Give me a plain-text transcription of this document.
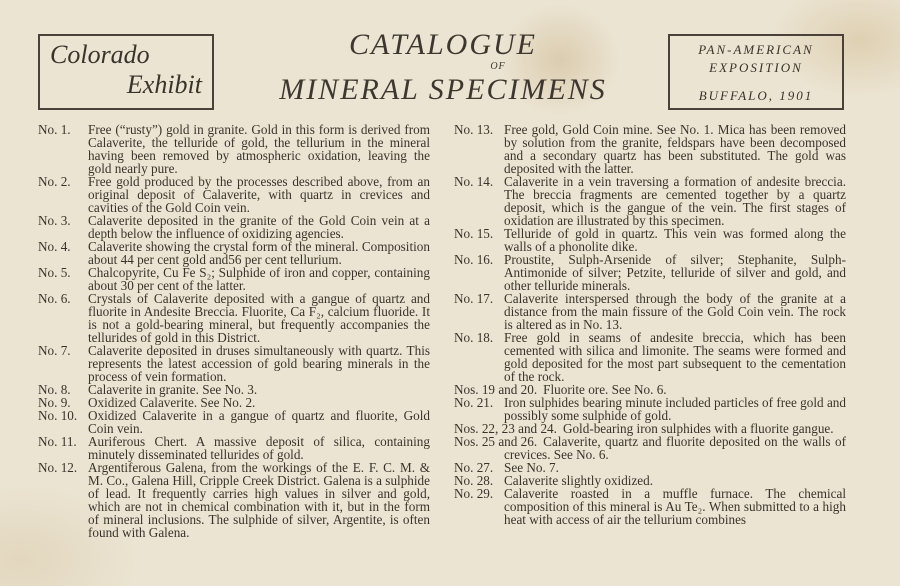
Colorado
Exhibit
CATALOGUE
OF
MINERAL SPECIMENS
PAN-AMERICAN
EXPOSITION
BUFFALO, 1901
No. 1. Free (“rusty”) gold in granite. Gold in this form is derived from Calaverite, the telluride of gold, the tellurium in the mineral having been removed by atmospheric oxidation, leaving the gold nearly pure.
No. 2. Free gold produced by the processes described above, from an original deposit of Calaverite, with quartz in crevices and cavities of the Gold Coin vein.
No. 3. Calaverite deposited in the granite of the Gold Coin vein at a depth below the influence of oxidizing agencies.
No. 4. Calaverite showing the crystal form of the mineral. Composition about 44 per cent gold and56 per cent tellurium.
No. 5. Chalcopyrite, Cu Fe S₂; Sulphide of iron and copper, containing about 30 per cent of the latter.
No. 6. Crystals of Calaverite deposited with a gangue of quartz and fluorite in Andesite Breccia. Fluorite, Ca F₂, calcium fluoride. It is not a gold-bearing mineral, but frequently accompanies the tellurides of gold in this District.
No. 7. Calaverite deposited in druses simultaneously with quartz. This represents the latest accession of gold bearing minerals in the process of vein formation.
No. 8. Calaverite in granite. See No. 3.
No. 9. Oxidized Calaverite. See No. 2.
No. 10. Oxidized Calaverite in a gangue of quartz and fluorite, Gold Coin vein.
No. 11. Auriferous Chert. A massive deposit of silica, containing minutely disseminated tellurides of gold.
No. 12. Argentiferous Galena, from the workings of the E. F. C. M. & M. Co., Galena Hill, Cripple Creek District. Galena is a sulphide of lead. It frequently carries high values in silver and gold, which are not in chemical combination with it, but in the form of mineral inclusions. The sulphide of silver, Argentite, is often found with Galena.
No. 13. Free gold, Gold Coin mine. See No. 1. Mica has been removed by solution from the granite, feldspars have been decomposed and a secondary quartz has been substituted. The gold was deposited with the latter.
No. 14. Calaverite in a vein traversing a formation of andesite breccia. The breccia fragments are cemented together by a quartz deposit, which is the gangue of the vein. The first stages of oxidation are illustrated by this specimen.
No. 15. Telluride of gold in quartz. This vein was formed along the walls of a phonolite dike.
No. 16. Proustite, Sulph-Arsenide of silver; Stephanite, Sulph-Antimonide of silver; Petzite, telluride of silver and gold, and other telluride minerals.
No. 17. Calaverite interspersed through the body of the granite at a distance from the main fissure of the Gold Coin vein. The rock is altered as in No. 13.
No. 18. Free gold in seams of andesite breccia, which has been cemented with silica and limonite. The seams were formed and gold deposited for the most part subsequent to the cementation of the rock.
Nos. 19 and 20. Fluorite ore. See No. 6.
No. 21. Iron sulphides bearing minute included particles of free gold and possibly some sulphide of gold.
Nos. 22, 23 and 24. Gold-bearing iron sulphides with a fluorite gangue.
Nos. 25 and 26. Calaverite, quartz and fluorite deposited on the walls of crevices. See No. 6.
No. 27. See No. 7.
No. 28. Calaverite slightly oxidized.
No. 29. Calaverite roasted in a muffle furnace. The chemical composition of this mineral is Au Te₂. When submitted to a high heat with access of air the tellurium combines
